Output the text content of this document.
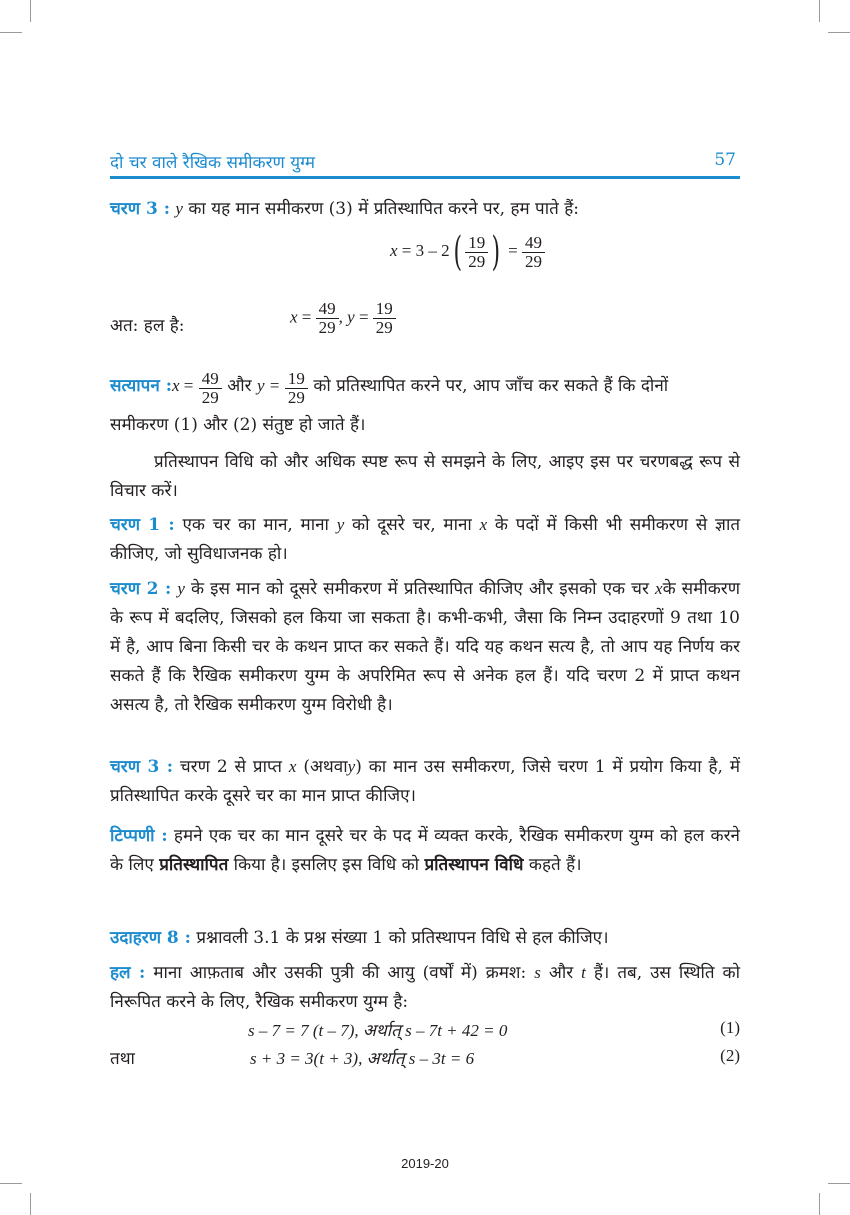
दो चर वाले रैखिक समीकरण युग्म	57
चरण 3 : y का यह मान समीकरण (3) में प्रतिस्थापित करने पर, हम पाते हैं:
$x = 3 - 2( \frac{19}{29}$ ) = $\frac{49}{29}$
अत: हल है:	$x = \frac{49}{29}$ , $y = \frac{19}{29}$
सत्यापन :x = $\frac{49}{29}$ और $y = \frac{19}{29}$ को प्रतिस्थापित करने पर, आप जाँच कर सकते हैं कि दोनों
समीकरण (1) और (2) संतुष्ट हो जाते हैं।
प्रतिस्थापन विधि को और अधिक स्पष्ट रूप से समझने के लिए, आइए इस पर चरणबद्ध रूप से विचार करें।
चरण 1 : एक चर का मान, माना y को दूसरे चर, माना x के पदों में किसी भी समीकरण से ज्ञात कीजिए, जो सुविधाजनक हो।
चरण 2 : y के इस मान को दूसरे समीकरण में प्रतिस्थापित कीजिए और इसको एक चर xके समीकरण के रूप में बदलिए, जिसको हल किया जा सकता है। कभी-कभी, जैसा कि निम्न उदाहरणों 9 तथा 10 में है, आप बिना किसी चर के कथन प्राप्त कर सकते हैं। यदि यह कथन सत्य है, तो आप यह निर्णय कर सकते हैं कि रैखिक समीकरण युग्म के अपरिमित रूप से अनेक हल हैं। यदि चरण 2 में प्राप्त कथन असत्य है, तो रैखिक समीकरण युग्म विरोधी है।
चरण 3 : चरण 2 से प्राप्त x (अथवाy) का मान उस समीकरण, जिसे चरण 1 में प्रयोग किया है, में प्रतिस्थापित करके दूसरे चर का मान प्राप्त कीजिए।
टिप्पणी : हमने एक चर का मान दूसरे चर के पद में व्यक्त करके, रैखिक समीकरण युग्म को हल करने के लिए प्रतिस्थापित किया है। इसलिए इस विधि को प्रतिस्थापन विधि कहते हैं।
उदाहरण 8 : प्रश्नावली 3.1 के प्रश्न संख्या 1 को प्रतिस्थापन विधि से हल कीजिए।
हल : माना आफ़ताब और उसकी पुत्री की आयु (वर्षों में) क्रमश: s और t हैं। तब, उस स्थिति को निरूपित करने के लिए, रैखिक समीकरण युग्म है:
s – 7 = 7 (t – 7), अर्थात् s – 7t + 42 = 0	(1)
तथा	s + 3 = 3(t + 3), अर्थात् s – 3t = 6	(2)
2019-20
